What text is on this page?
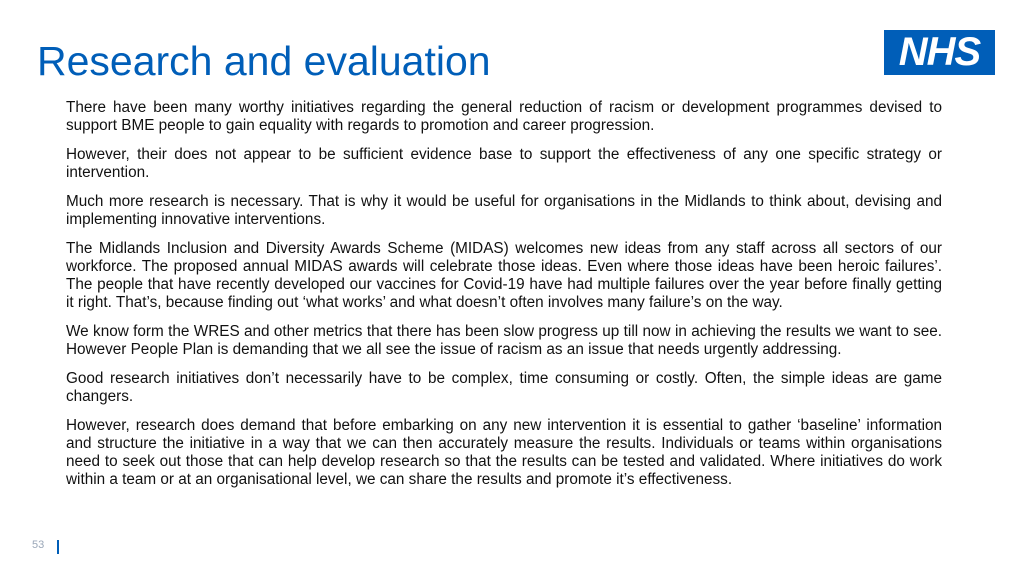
Research and evaluation	NHS

There have been many worthy initiatives regarding the general reduction of racism or development programmes devised to support BME people to gain equality with regards to promotion and career progression.

However, their does not appear to be sufficient evidence base to support the effectiveness of any one specific strategy or intervention.

Much more research is necessary. That is why it would be useful for organisations in the Midlands to think about, devising and implementing innovative interventions.

The Midlands Inclusion and Diversity Awards Scheme (MIDAS) welcomes new ideas from any staff across all sectors of our workforce. The proposed annual MIDAS awards will celebrate those ideas. Even where those ideas have been heroic failures’. The people that have recently developed our vaccines for Covid-19 have had multiple failures over the year before finally getting it right. That’s, because finding out ‘what works’ and what doesn’t often involves many failure’s on the way.

We know form the WRES and other metrics that there has been slow progress up till now in achieving the results we want to see. However People Plan is demanding that we all see the issue of racism as an issue that needs urgently addressing.

Good research initiatives don’t necessarily have to be complex, time consuming or costly. Often, the simple ideas are game changers.

However, research does demand that before embarking on any new intervention it is essential to gather ‘baseline’ information and structure the initiative in a way that we can then accurately measure the results. Individuals or teams within organisations need to seek out those that can help develop research so that the results can be tested and validated. Where initiatives do work within a team or at an organisational level, we can share the results and promote it’s effectiveness.

53
